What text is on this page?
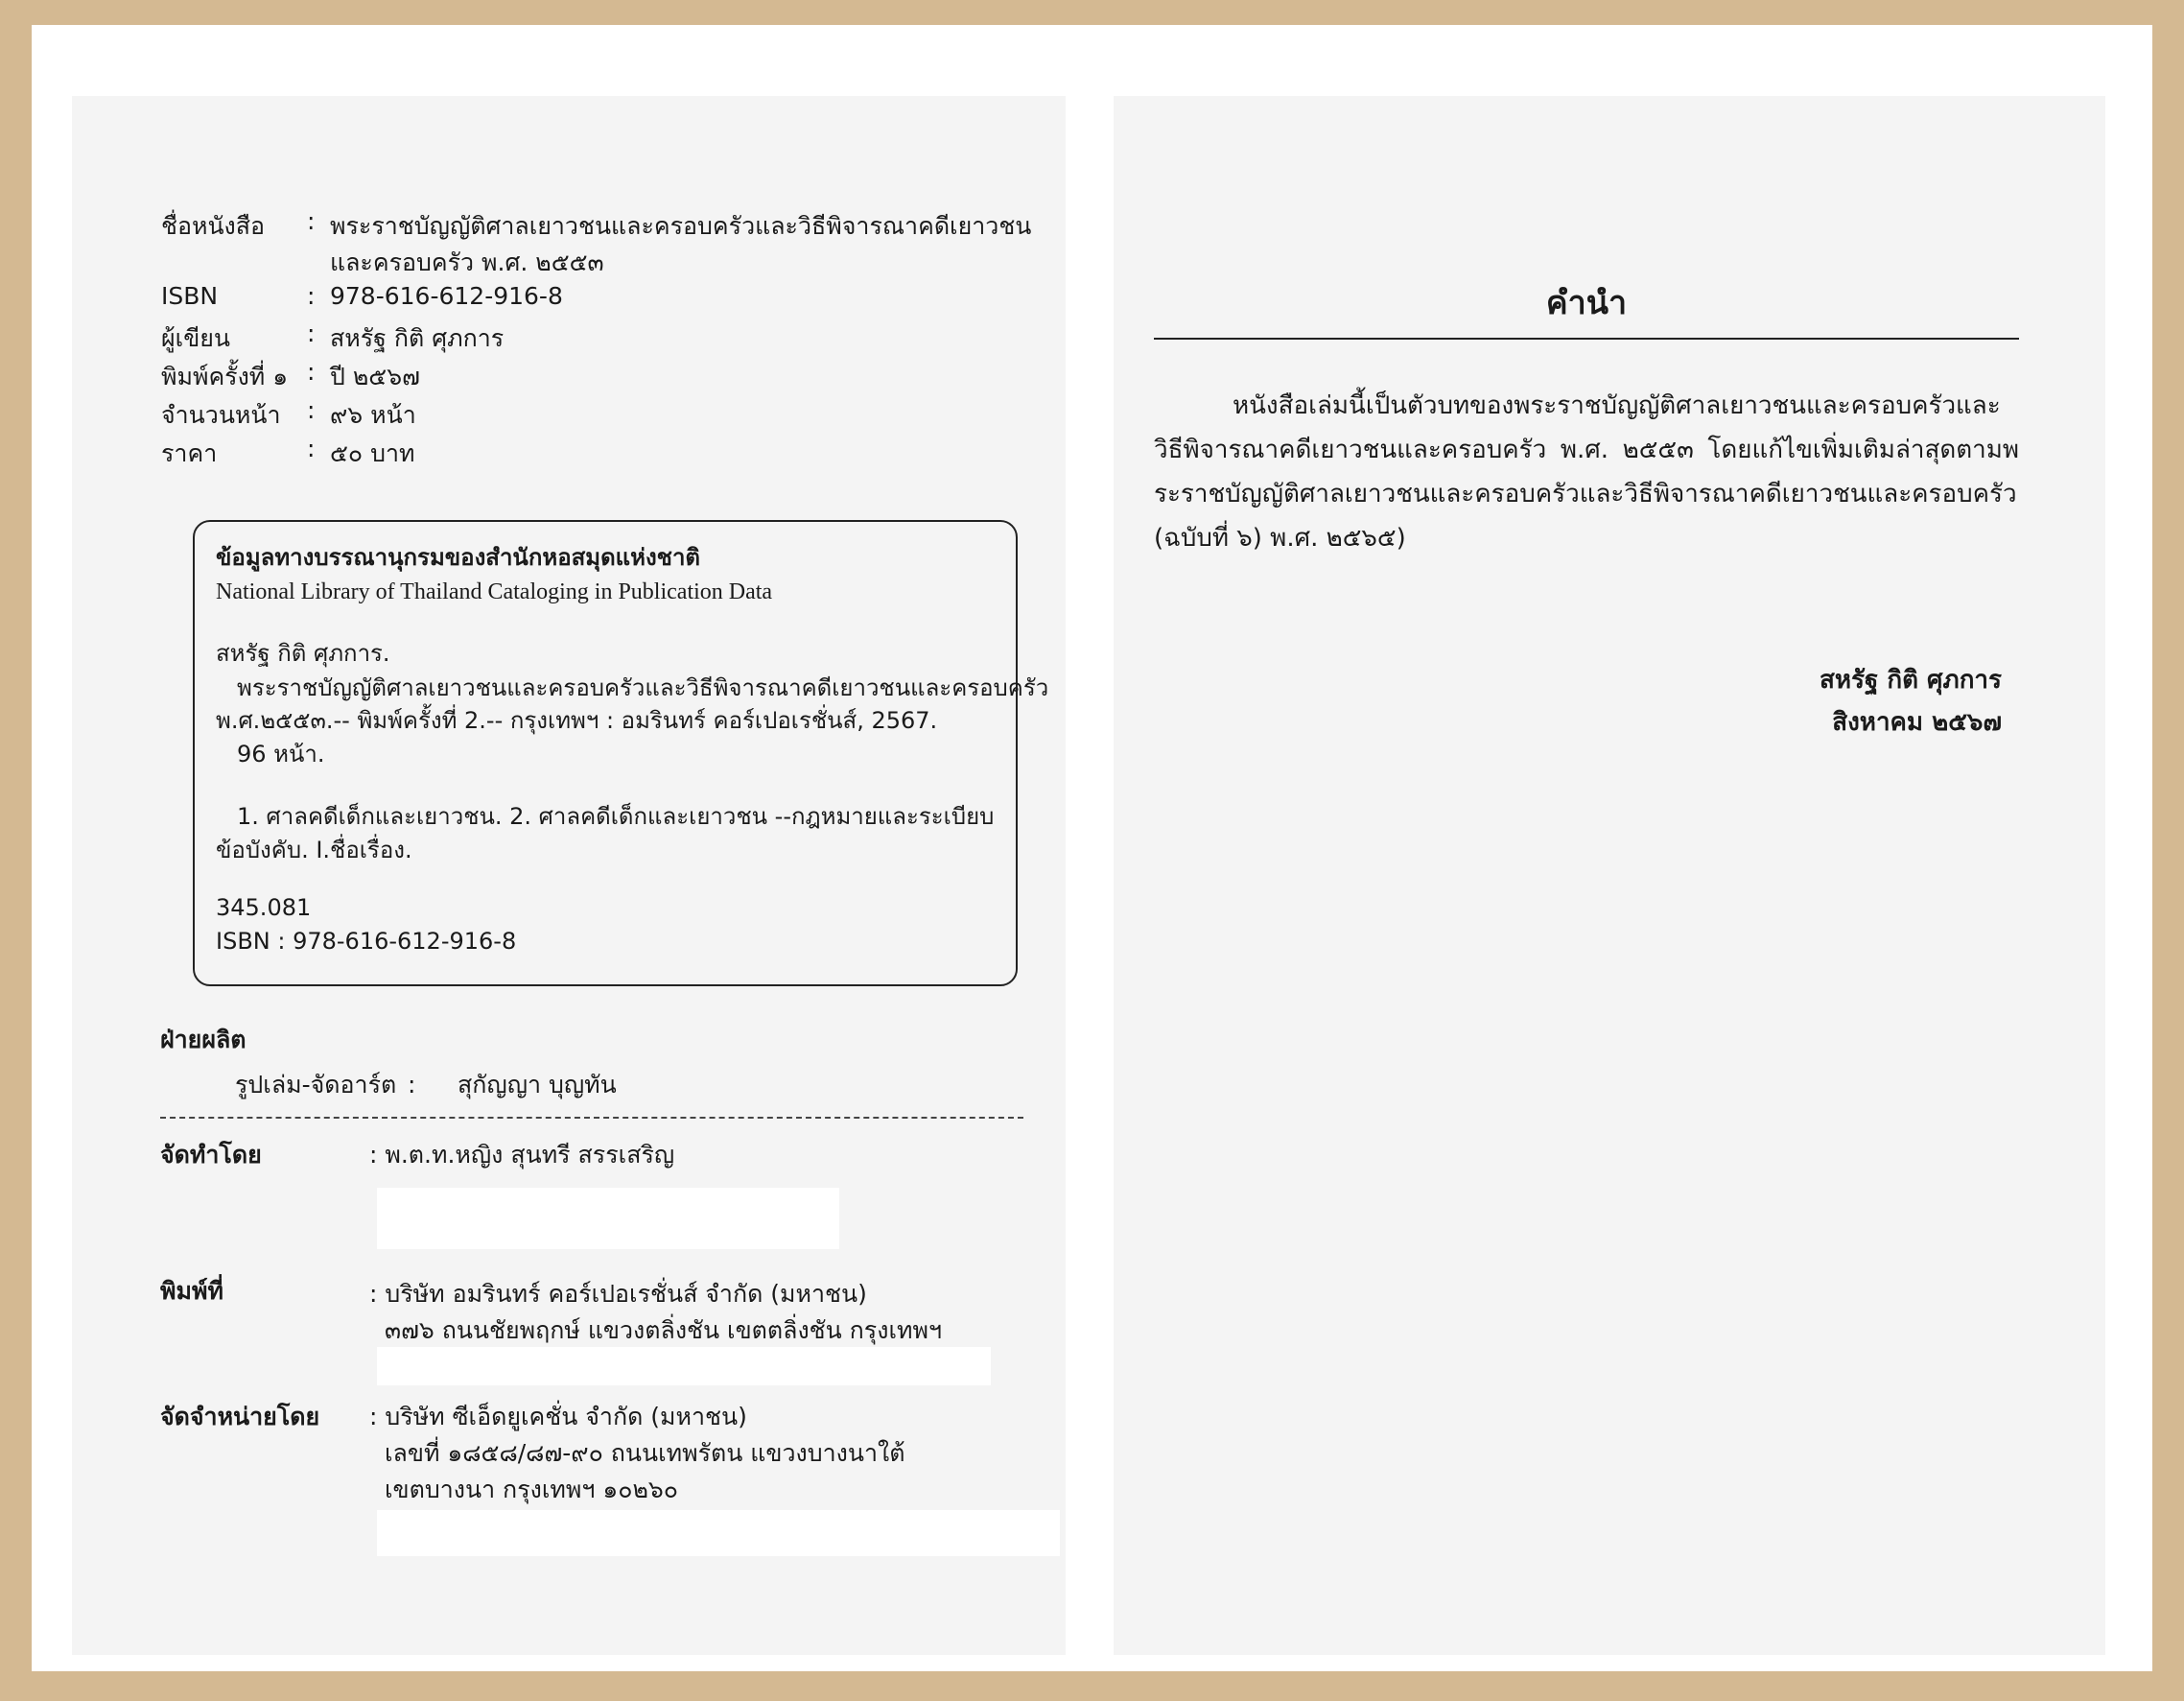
ชื่อหนังสือ : พระราชบัญญัติศาลเยาวชนและครอบครัวและวิธีพิจารณาคดีเยาวชน
และครอบครัว พ.ศ. ๒๕๕๓
ISBN	: 978-616-612-916-8
ผู้เขียน	: สหรัฐ กิติ ศุภการ
พิมพ์ครั้งที่ ๑ : ปี ๒๕๖๗
จำนวนหน้า : ๙๖ หน้า
ราคา	: ๕๐ บาท
ข้อมูลทางบรรณานุกรมของสำนักหอสมุดแห่งชาติ
National Library of Thailand Cataloging in Publication Data
สหรัฐ กิติ ศุภการ.
พระราชบัญญัติศาลเยาวชนและครอบครัวและวิธีพิจารณาคดีเยาวชนและครอบครัว
พ.ศ.๒๕๕๓.-- พิมพ์ครั้งที่ 2.-- กรุงเทพฯ : อมรินทร์ คอร์เปอเรชั่นส์, 2567.
96 หน้า.
1. ศาลคดีเด็กและเยาวชน. 2. ศาลคดีเด็กและเยาวชน --กฎหมายและระเบียบ
ข้อบังคับ. I.ชื่อเรื่อง.
345.081
ISBN : 978-616-612-916-8
ฝ่ายผลิต
รูปเล่ม-จัดอาร์ต : สุกัญญา บุญทัน
จัดทำโดย	: พ.ต.ท.หญิง สุนทรี สรรเสริญ
พิมพ์ที่	: บริษัท อมรินทร์ คอร์เปอเรชั่นส์ จำกัด (มหาชน)
๓๗๖ ถนนชัยพฤกษ์ แขวงตลิ่งชัน เขตตลิ่งชัน กรุงเทพฯ
จัดจำหน่ายโดย : บริษัท ซีเอ็ดยูเคชั่น จำกัด (มหาชน)
เลขที่ ๑๘๕๘/๘๗-๙๐ ถนนเทพรัตน แขวงบางนาใต้
เขตบางนา กรุงเทพฯ ๑๐๒๖๐
คำนำ
หนังสือเล่มนี้เป็นตัวบทของพระราชบัญญัติศาลเยาวชนและครอบครัวและวิธีพิจารณาคดีเยาวชนและครอบครัว พ.ศ. ๒๕๕๓ โดยแก้ไขเพิ่มเติมล่าสุดตามพระราชบัญญัติศาลเยาวชนและครอบครัวและวิธีพิจารณาคดีเยาวชนและครอบครัว (ฉบับที่ ๖) พ.ศ. ๒๕๖๕)
สหรัฐ กิติ ศุภการ
สิงหาคม ๒๕๖๗
